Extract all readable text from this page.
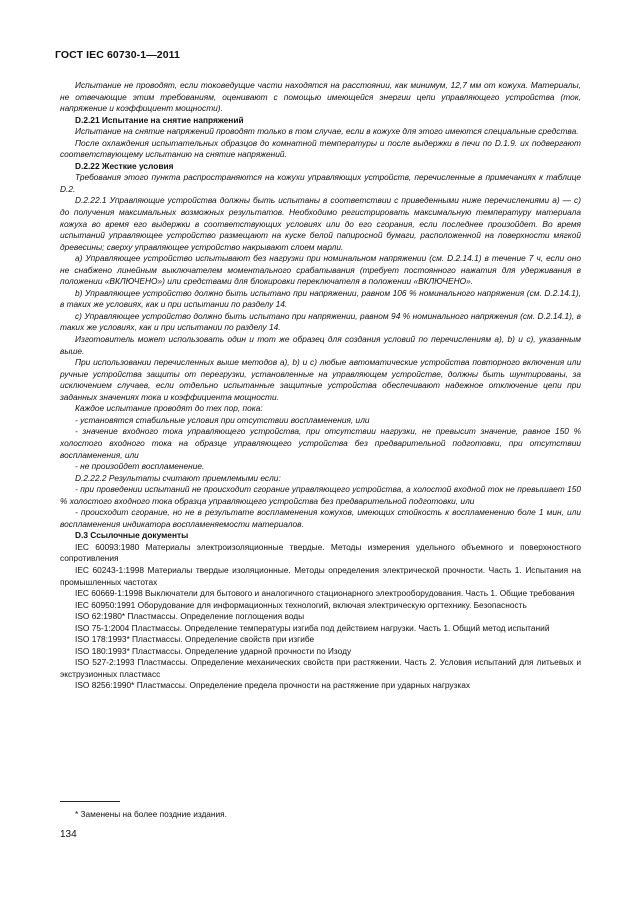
ГОСТ IEC 60730-1—2011

Испытание не проводят, если токоведущие части находятся на расстоянии, как минимум, 12,7 мм от кожуха. Материалы, не отвечающие этим требованиям, оценивают с помощью имеющейся энергии цепи управляющего устройства (ток, напряжение и коэффициент мощности).

D.2.21 Испытание на снятие напряжений

Испытание на снятие напряжений проводят только в том случае, если в кожухе для этого имеются специальные средства.

После охлаждения испытательных образцов до комнатной температуры и после выдержки в печи по D.1.9. их подвергают соответствующему испытанию на снятие напряжений.

D.2.22 Жесткие условия

Требования этого пункта распространяются на кожухи управляющих устройств, перечисленные в примечаниях к таблице D.2.

D.2.22.1 Управляющие устройства должны быть испытаны в соответствии с приведенными ниже перечислениями а) — с) до получения максимальных возможных результатов. Необходимо регистрировать максимальную температуру материала кожуха во время его выдержки в соответствующих условиях или до его сгорания, если последнее произойдет. Во время испытаний управляющее устройство размещают на куске белой папиросной бумаги, расположенной на поверхности мягкой древесины; сверху управляющее устройство накрывают слоем марли.

а) Управляющее устройство испытывают без нагрузки при номинальном напряжении (см. D.2.14.1) в течение 7 ч, если оно не снабжено линейным выключателем моментального срабатывания (требует постоянного нажатия для удерживания в положении «ВКЛЮЧЕНО») или средствами для блокировки переключателя в положении «ВКЛЮЧЕНО».

b) Управляющее устройство должно быть испытано при напряжении, равном 106 % номинального напряжения (см. D.2.14.1), в таких же условиях, как и при испытании по разделу 14.

с) Управляющее устройство должно быть испытано при напряжении, равном 94 % номинального напряжения (см. D.2.14.1), в таких же условиях, как и при испытании по разделу 14.

Изготовитель может использовать один и тот же образец для создания условий по перечислениям а), b) и с), указанным выше.

При использовании перечисленных выше методов а), b) и с) любые автоматические устройства повторного включения или ручные устройства защиты от перегрузки, установленные на управляющем устройстве, должны быть шунтированы, за исключением случаев, если отдельно испытанные защитные устройства обеспечивают надежное отключение цепи при заданных значениях тока и коэффициента мощности.

Каждое испытание проводят до тех пор, пока:

- установятся стабильные условия при отсутствии воспламенения, или

- значение входного тока управляющего устройства, при отсутствии нагрузки, не превысит значение, равное 150 % холостого входного тока на образце управляющего устройства без предварительной подготовки, при отсутствии воспламенения, или

- не произойдет воспламенение.

D.2.22.2 Результаты считают приемлемыми если:

- при проведении испытаний не происходит сгорание управляющего устройства, а холостой входной ток не превышает 150 % холостого входного тока образца управляющего устройства без предварительной подготовки, или

- происходит сгорание, но не в результате воспламенения кожухов, имеющих стойкость к воспламенению боле 1 мин, или воспламенения индикатора воспламеняемости материалов.

D.3 Ссылочные документы

IEC 60093:1980 Материалы электроизоляционные твердые. Методы измерения удельного объемного и поверхностного сопротивления

IEC 60243-1:1998 Материалы твердые изоляционные. Методы определения электрической прочности. Часть 1. Испытания на промышленных частотах

IEC 60669-1:1998 Выключатели для бытового и аналогичного стационарного электрооборудования. Часть 1. Общие требования

IEC 60950:1991 Оборудование для информационных технологий, включая электрическую оргтехнику. Безопасность

ISO 62:1980* Пластмассы. Определение поглощения воды

ISO 75-1:2004 Пластмассы. Определение температуры изгиба под действием нагрузки. Часть 1. Общий метод испытаний

ISO 178:1993* Пластмассы. Определение свойств при изгибе

ISO 180:1993* Пластмассы. Определение ударной прочности по Изоду

ISO 527-2:1993 Пластмассы. Определение механических свойств при растяжении. Часть 2. Условия испытаний для литьевых и экструзионных пластмасс

ISO 8256:1990* Пластмассы. Определение предела прочности на растяжение при ударных нагрузках

* Заменены на более поздние издания.
134
